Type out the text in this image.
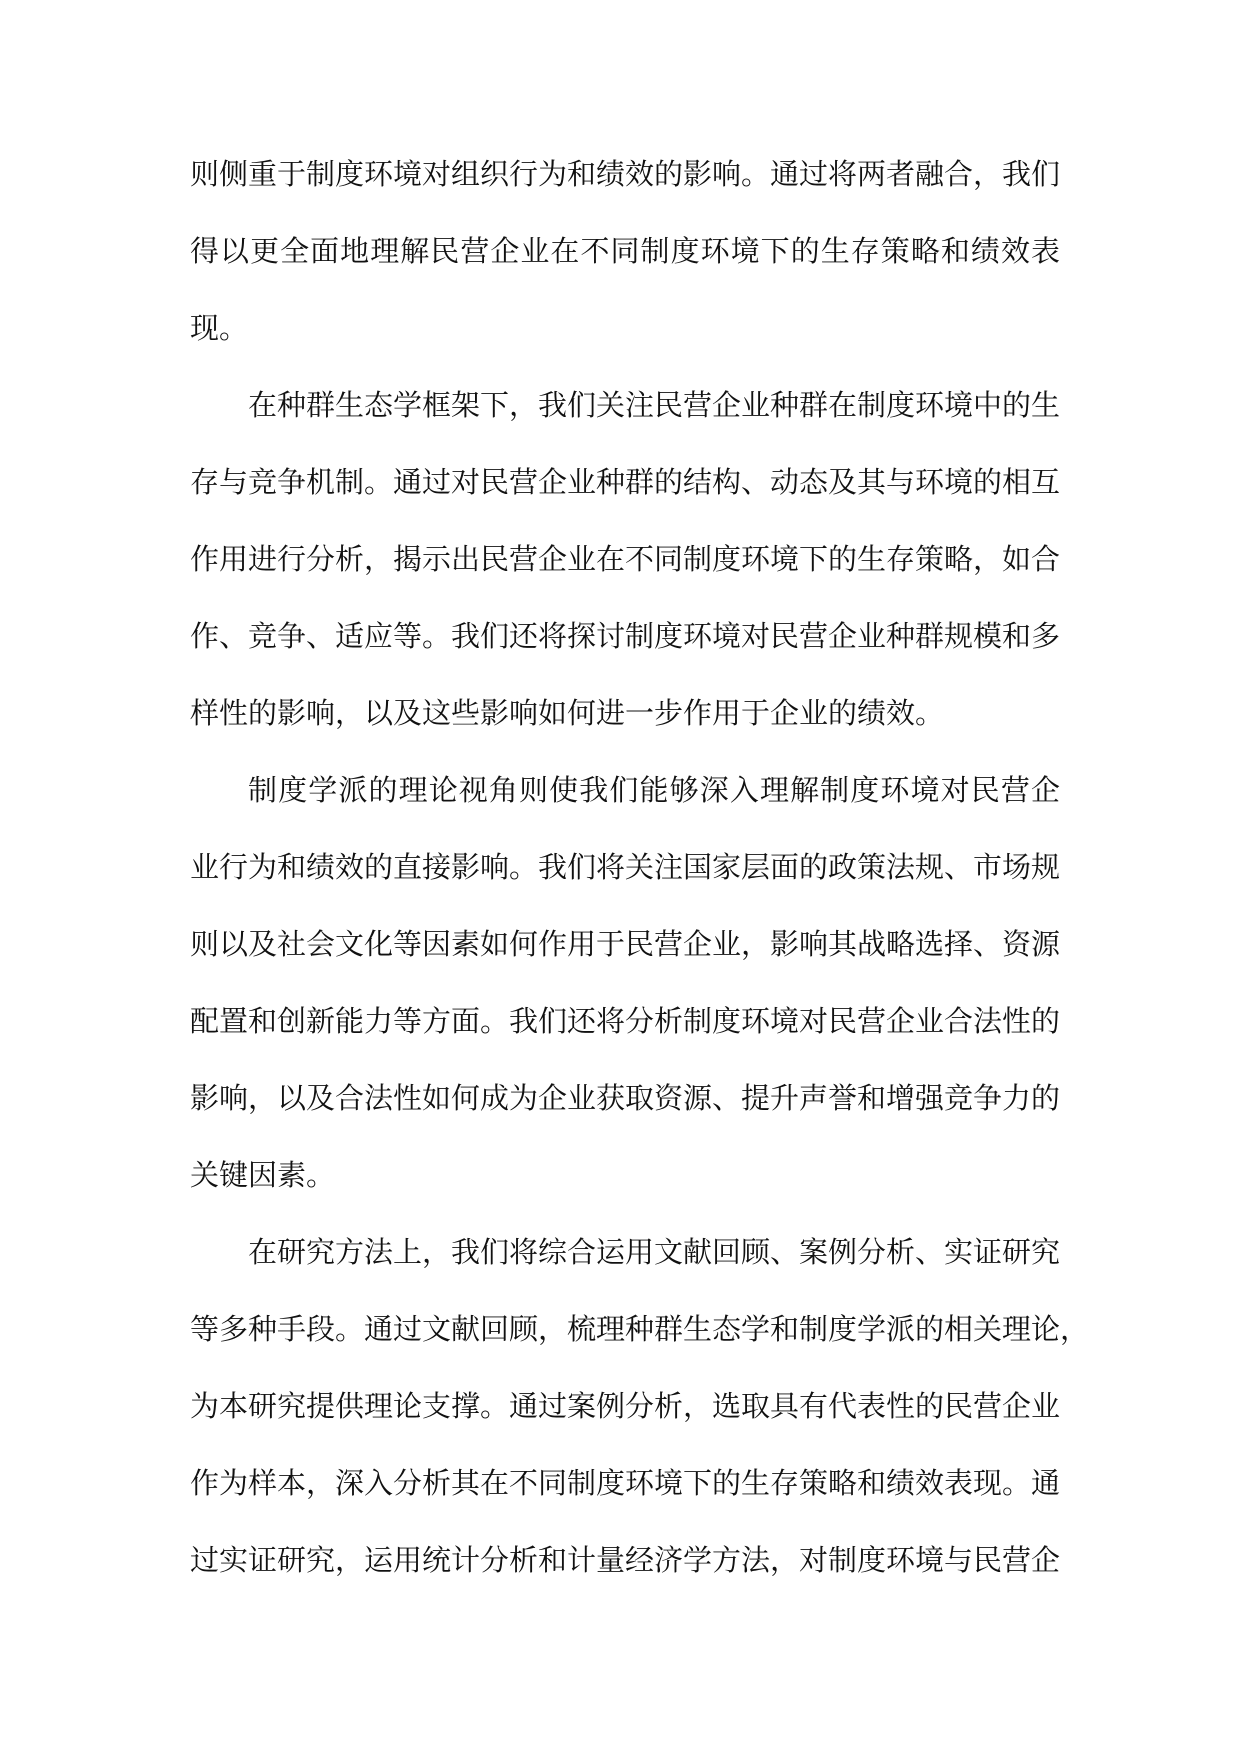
则侧重于制度环境对组织行为和绩效的影响。通过将两者融合，我们
得以更全面地理解民营企业在不同制度环境下的生存策略和绩效表
现。
在种群生态学框架下，我们关注民营企业种群在制度环境中的生
存与竞争机制。通过对民营企业种群的结构、动态及其与环境的相互
作用进行分析，揭示出民营企业在不同制度环境下的生存策略，如合
作、竞争、适应等。我们还将探讨制度环境对民营企业种群规模和多
样性的影响，以及这些影响如何进一步作用于企业的绩效。
制度学派的理论视角则使我们能够深入理解制度环境对民营企
业行为和绩效的直接影响。我们将关注国家层面的政策法规、市场规
则以及社会文化等因素如何作用于民营企业，影响其战略选择、资源
配置和创新能力等方面。我们还将分析制度环境对民营企业合法性的
影响，以及合法性如何成为企业获取资源、提升声誉和增强竞争力的
关键因素。
在研究方法上，我们将综合运用文献回顾、案例分析、实证研究
等多种手段。通过文献回顾，梳理种群生态学和制度学派的相关理论，
为本研究提供理论支撑。通过案例分析，选取具有代表性的民营企业
作为样本，深入分析其在不同制度环境下的生存策略和绩效表现。通
过实证研究，运用统计分析和计量经济学方法，对制度环境与民营企
